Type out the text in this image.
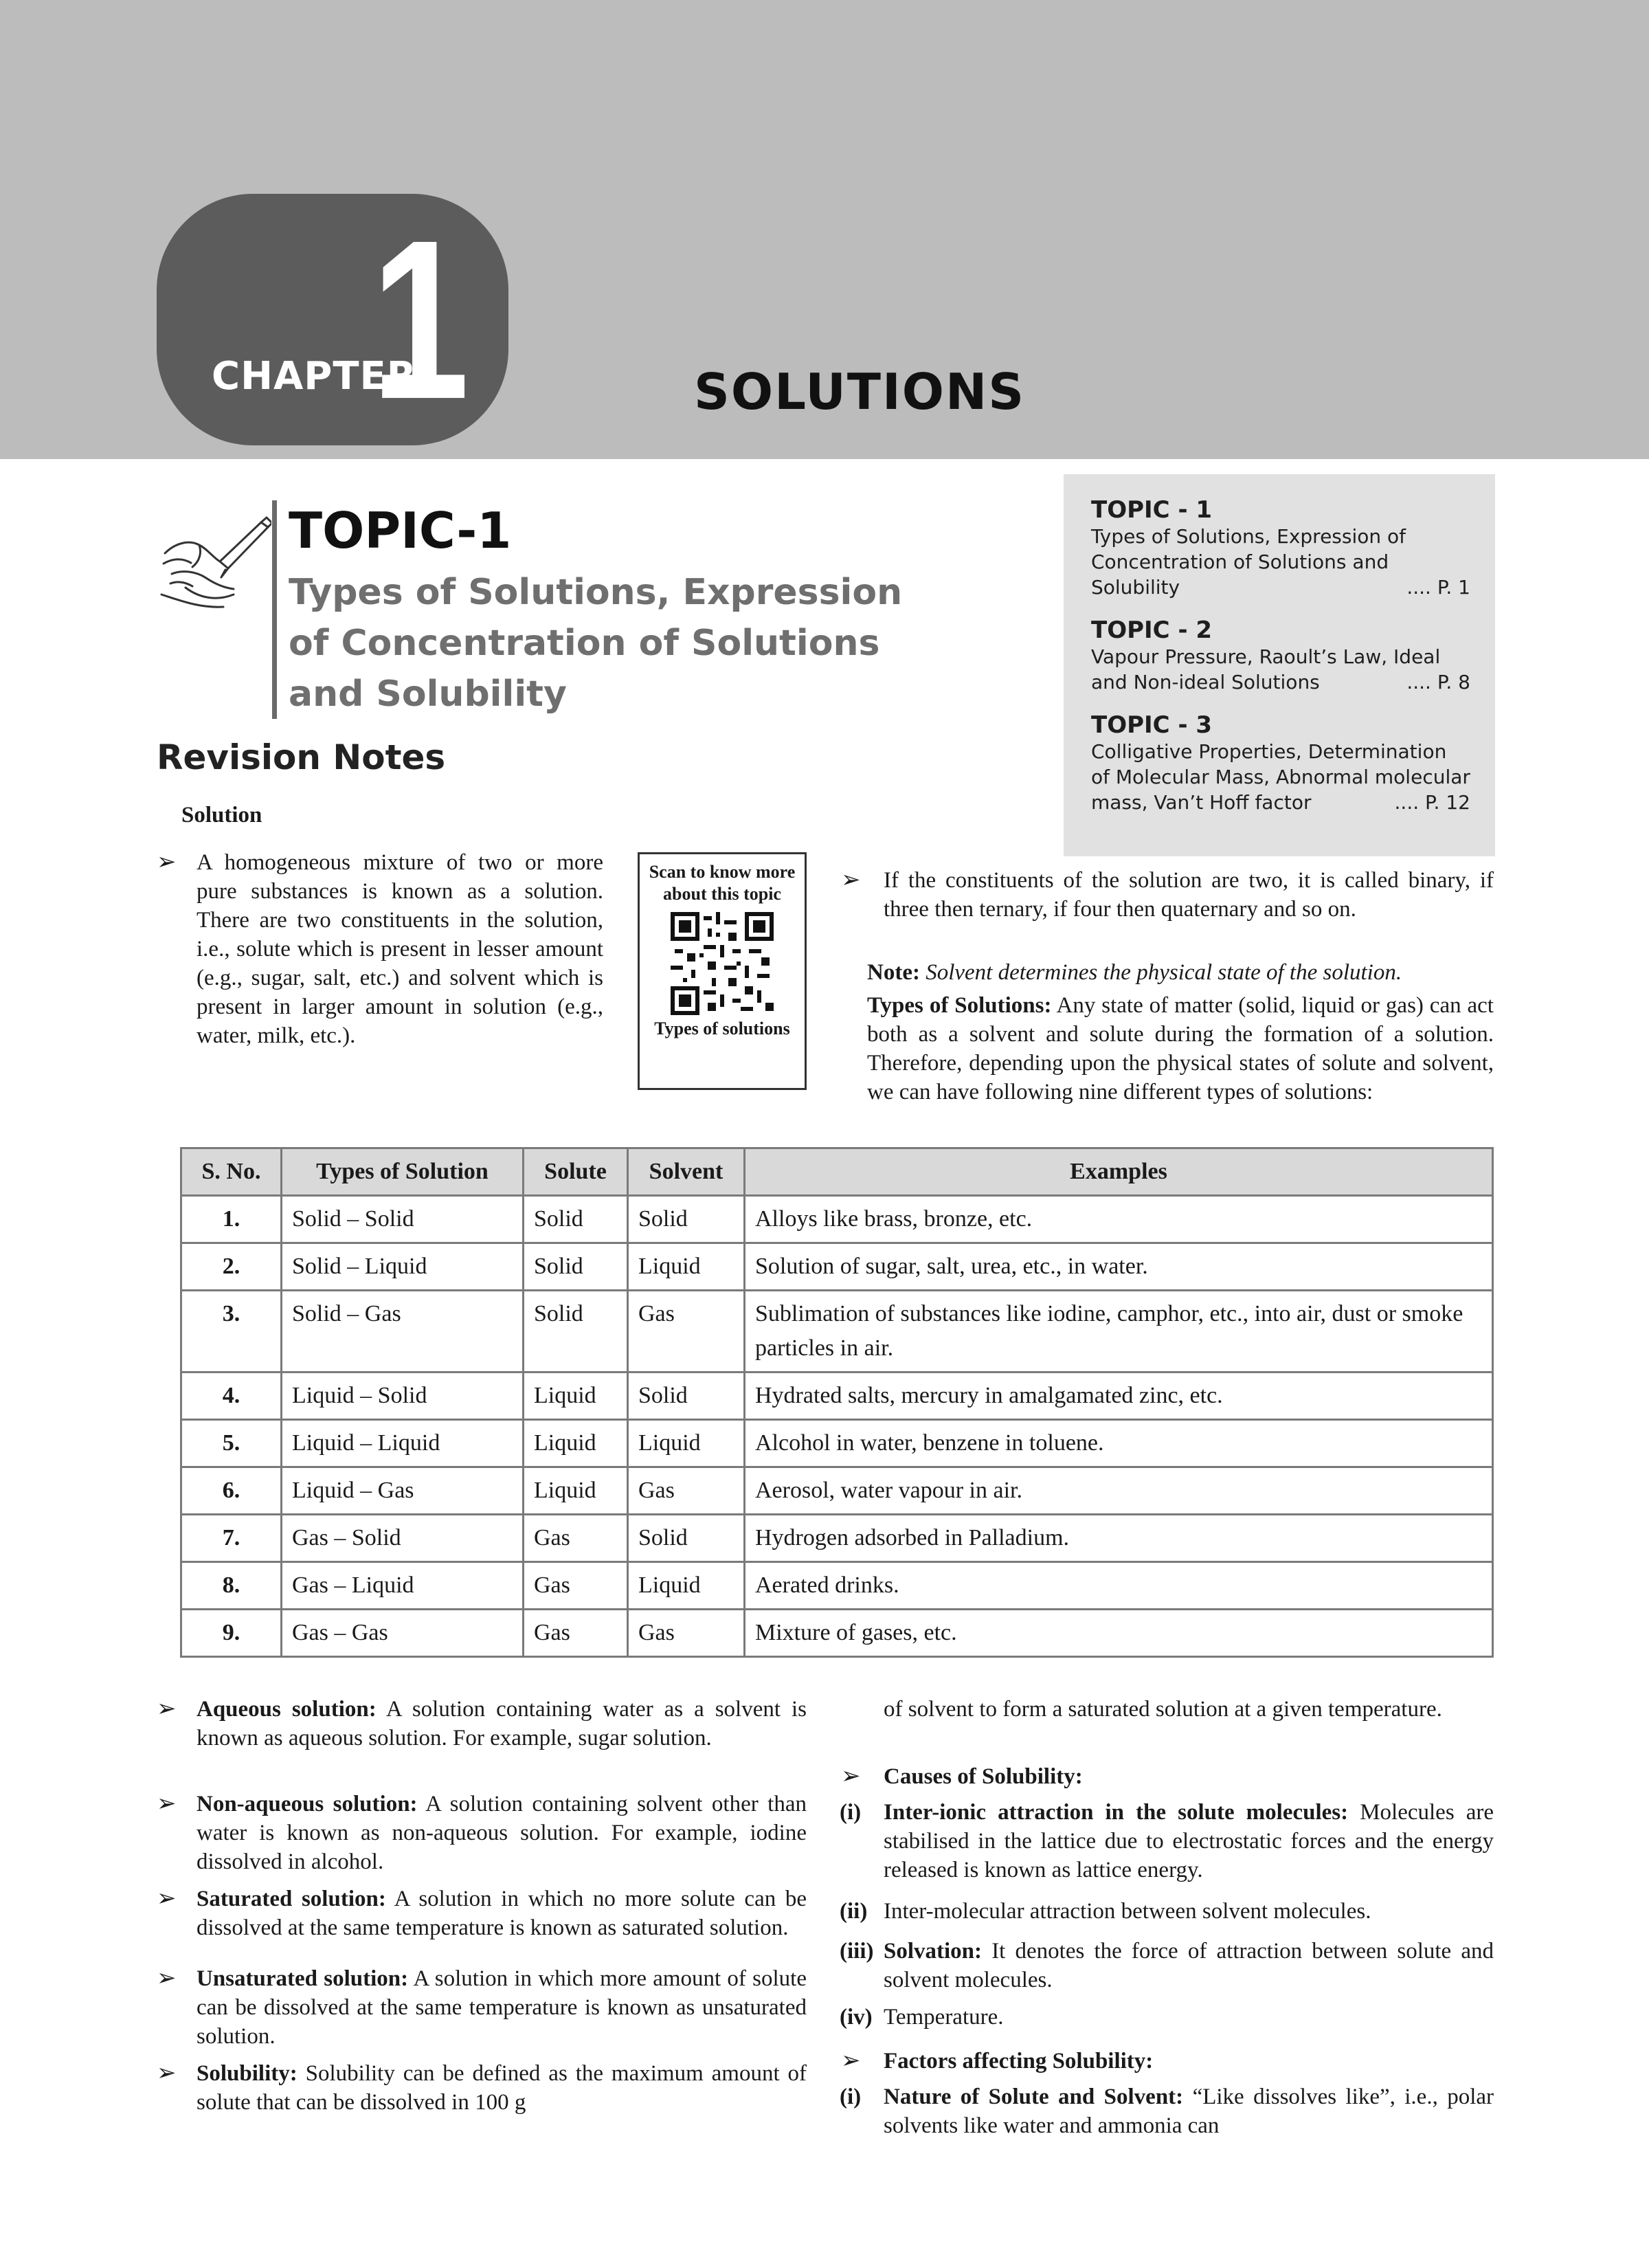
CHAPTER
1	SOLUTIONS
TOPIC-1
Types of Solutions, Expression of Concentration of Solutions and Solubility
Revision Notes
Solution

TOPIC - 1

Types of Solutions, Expression of Concentration of Solutions and Solubility	.... P. 1

TOPIC - 2

Vapour Pressure, Raoult’s Law, Ideal and Non-ideal Solutions	.... P. 8

TOPIC - 3

Colligative Properties, Determination of Molecular Mass, Abnormal molecular mass, Van’t Hoff factor	.... P. 12

➢ A homogeneous mixture of two or more pure substances is known as a solution. There are two constituents in the solution, i.e., solute which is present in lesser amount (e.g., sugar, salt, etc.) and solvent which is present in larger amount in solution (e.g., water, milk, etc.).
Scan to know more about this topic
Types of solutions
➢ If the constituents of the solution are two, it is called binary, if three then ternary, if four then quaternary and so on.
Note: Solvent determines the physical state of the solution.
Types of Solutions: Any state of matter (solid, liquid or gas) can act both as a solvent and solute during the formation of a solution. Therefore, depending upon the physical states of solute and solvent, we can have following nine different types of solutions:
S. No.	Types of Solution	Solute	Solvent	Examples
1.	Solid – Solid	Solid	Solid	Alloys like brass, bronze, etc.
2.	Solid – Liquid	Solid	Liquid	Solution of sugar, salt, urea, etc., in water.
3.	Solid – Gas	Solid	Gas	Sublimation of substances like iodine, camphor, etc., into air, dust or smoke particles in air.
4.	Liquid – Solid	Liquid	Solid	Hydrated salts, mercury in amalgamated zinc, etc.
5.	Liquid – Liquid	Liquid	Liquid	Alcohol in water, benzene in toluene.
6.	Liquid – Gas	Liquid	Gas	Aerosol, water vapour in air.
7.	Gas – Solid	Gas	Solid	Hydrogen adsorbed in Palladium.
8.	Gas – Liquid	Gas	Liquid	Aerated drinks.
9.	Gas – Gas	Gas	Gas	Mixture of gases, etc.
➢ Aqueous solution: A solution containing water as a solvent is known as aqueous solution. For example, sugar solution.
➢ Non-aqueous solution: A solution containing solvent other than water is known as non-aqueous solution. For example, iodine dissolved in alcohol.
➢ Saturated solution: A solution in which no more solute can be dissolved at the same temperature is known as saturated solution.
➢ Unsaturated solution: A solution in which more amount of solute can be dissolved at the same temperature is known as unsaturated solution.
➢ Solubility: Solubility can be defined as the maximum amount of solute that can be dissolved in 100 g
of solvent to form a saturated solution at a given temperature.
➢ Causes of Solubility:
(i) Inter-ionic attraction in the solute molecules: Molecules are stabilised in the lattice due to electrostatic forces and the energy released is known as lattice energy.
(ii) Inter-molecular attraction between solvent molecules.
(iii) Solvation: It denotes the force of attraction between solute and solvent molecules.
(iv) Temperature.
➢ Factors affecting Solubility:
(i) Nature of Solute and Solvent: “Like dissolves like”, i.e., polar solvents like water and ammonia can
